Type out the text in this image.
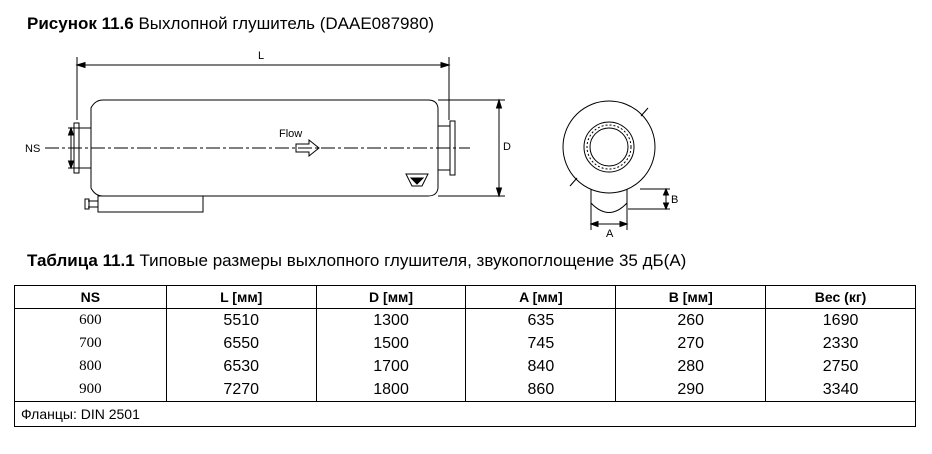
Рисунок 11.6 Выхлопной глушитель (DAAE087980)
L
NS	D
Flow
A
B
Таблица 11.1 Типовые размеры выхлопного глушителя, звукопоглощение 35 дБ(А)
NS	L [мм]	D [мм]	A [мм]	B [мм]	Вес (кг)
600	5510	1300	635	260	1690
700	6550	1500	745	270	2330
800	6530	1700	840	280	2750
900	7270	1800	860	290	3340
Фланцы: DIN 2501					
